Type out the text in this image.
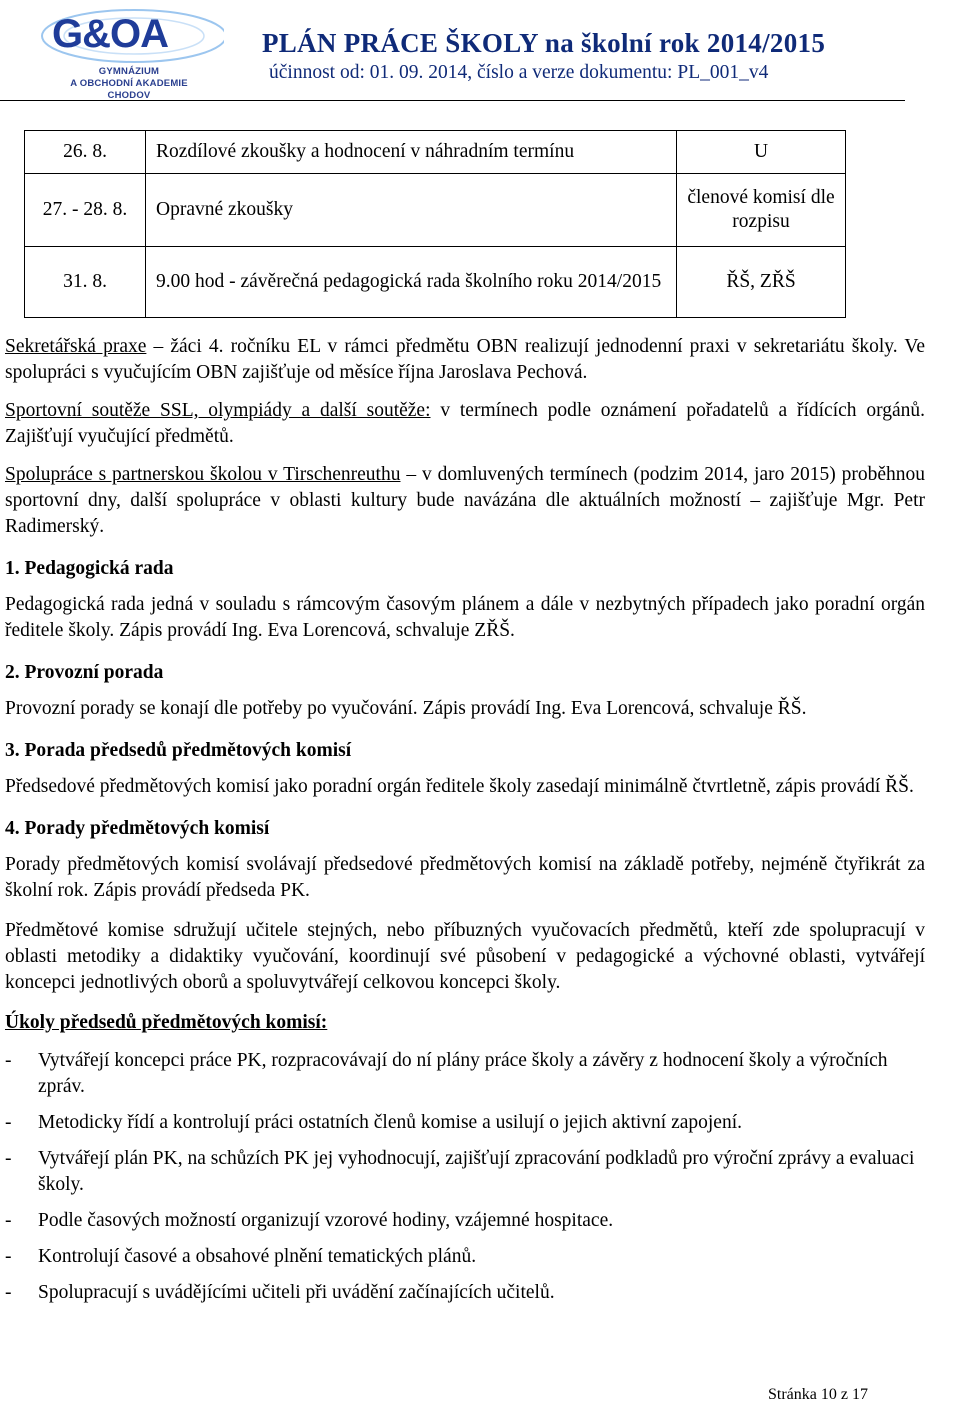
G&OA
GYMNÁZIUM
A OBCHODNÍ AKADEMIE
CHODOV
PLÁN PRÁCE ŠKOLY na školní rok 2014/2015
účinnost od: 01. 09. 2014, číslo a verze dokumentu: PL_001_v4
26. 8.	Rozdílové zkoušky a hodnocení v náhradním termínu	U
27. - 28. 8.	Opravné zkoušky	členové komisí dle rozpisu
31. 8.	9.00 hod - závěrečná pedagogická rada školního roku 2014/2015	ŘŠ, ZŘŠ

Sekretářská praxe – žáci 4. ročníku EL v rámci předmětu OBN realizují jednodenní praxi v sekretariátu školy. Ve spolupráci s vyučujícím OBN zajišťuje od měsíce října Jaroslava Pechová.

Sportovní soutěže SSL, olympiády a další soutěže: v termínech podle oznámení pořadatelů a řídících orgánů. Zajišťují vyučující předmětů.

Spolupráce s partnerskou školou v Tirschenreuthu – v domluvených termínech (podzim 2014, jaro 2015) proběhnou sportovní dny, další spolupráce v oblasti kultury bude navázána dle aktuálních možností – zajišťuje Mgr. Petr Radimerský.

1. Pedagogická rada

Pedagogická rada jedná v souladu s rámcovým časovým plánem a dále v nezbytných případech jako poradní orgán ředitele školy. Zápis provádí Ing. Eva Lorencová, schvaluje ZŘŠ.

2. Provozní porada

Provozní porady se konají dle potřeby po vyučování. Zápis provádí Ing. Eva Lorencová, schvaluje ŘŠ.

3. Porada předsedů předmětových komisí

Předsedové předmětových komisí jako poradní orgán ředitele školy zasedají minimálně čtvrtletně, zápis provádí ŘŠ.

4. Porady předmětových komisí

Porady předmětových komisí svolávají předsedové předmětových komisí na základě potřeby, nejméně čtyřikrát za školní rok. Zápis provádí předseda PK.

Předmětové komise sdružují učitele stejných, nebo příbuzných vyučovacích předmětů, kteří zde spolupracují v oblasti metodiky a didaktiky vyučování, koordinují své působení v pedagogické a výchovné oblasti, vytvářejí koncepci jednotlivých oborů a spoluvytvářejí celkovou koncepci školy.

Úkoly předsedů předmětových komisí:

- Vytvářejí koncepci práce PK, rozpracovávají do ní plány práce školy a závěry z hodnocení školy a výročních zpráv.
- Metodicky řídí a kontrolují práci ostatních členů komise a usilují o jejich aktivní zapojení.
- Vytvářejí plán PK, na schůzích PK jej vyhodnocují, zajišťují zpracování podkladů pro výroční zprávy a evaluaci školy.
- Podle časových možností organizují vzorové hodiny, vzájemné hospitace.
- Kontrolují časové a obsahové plnění tematických plánů.
- Spolupracují s uvádějícími učiteli při uvádění začínajících učitelů.
Stránka 10 z 17
